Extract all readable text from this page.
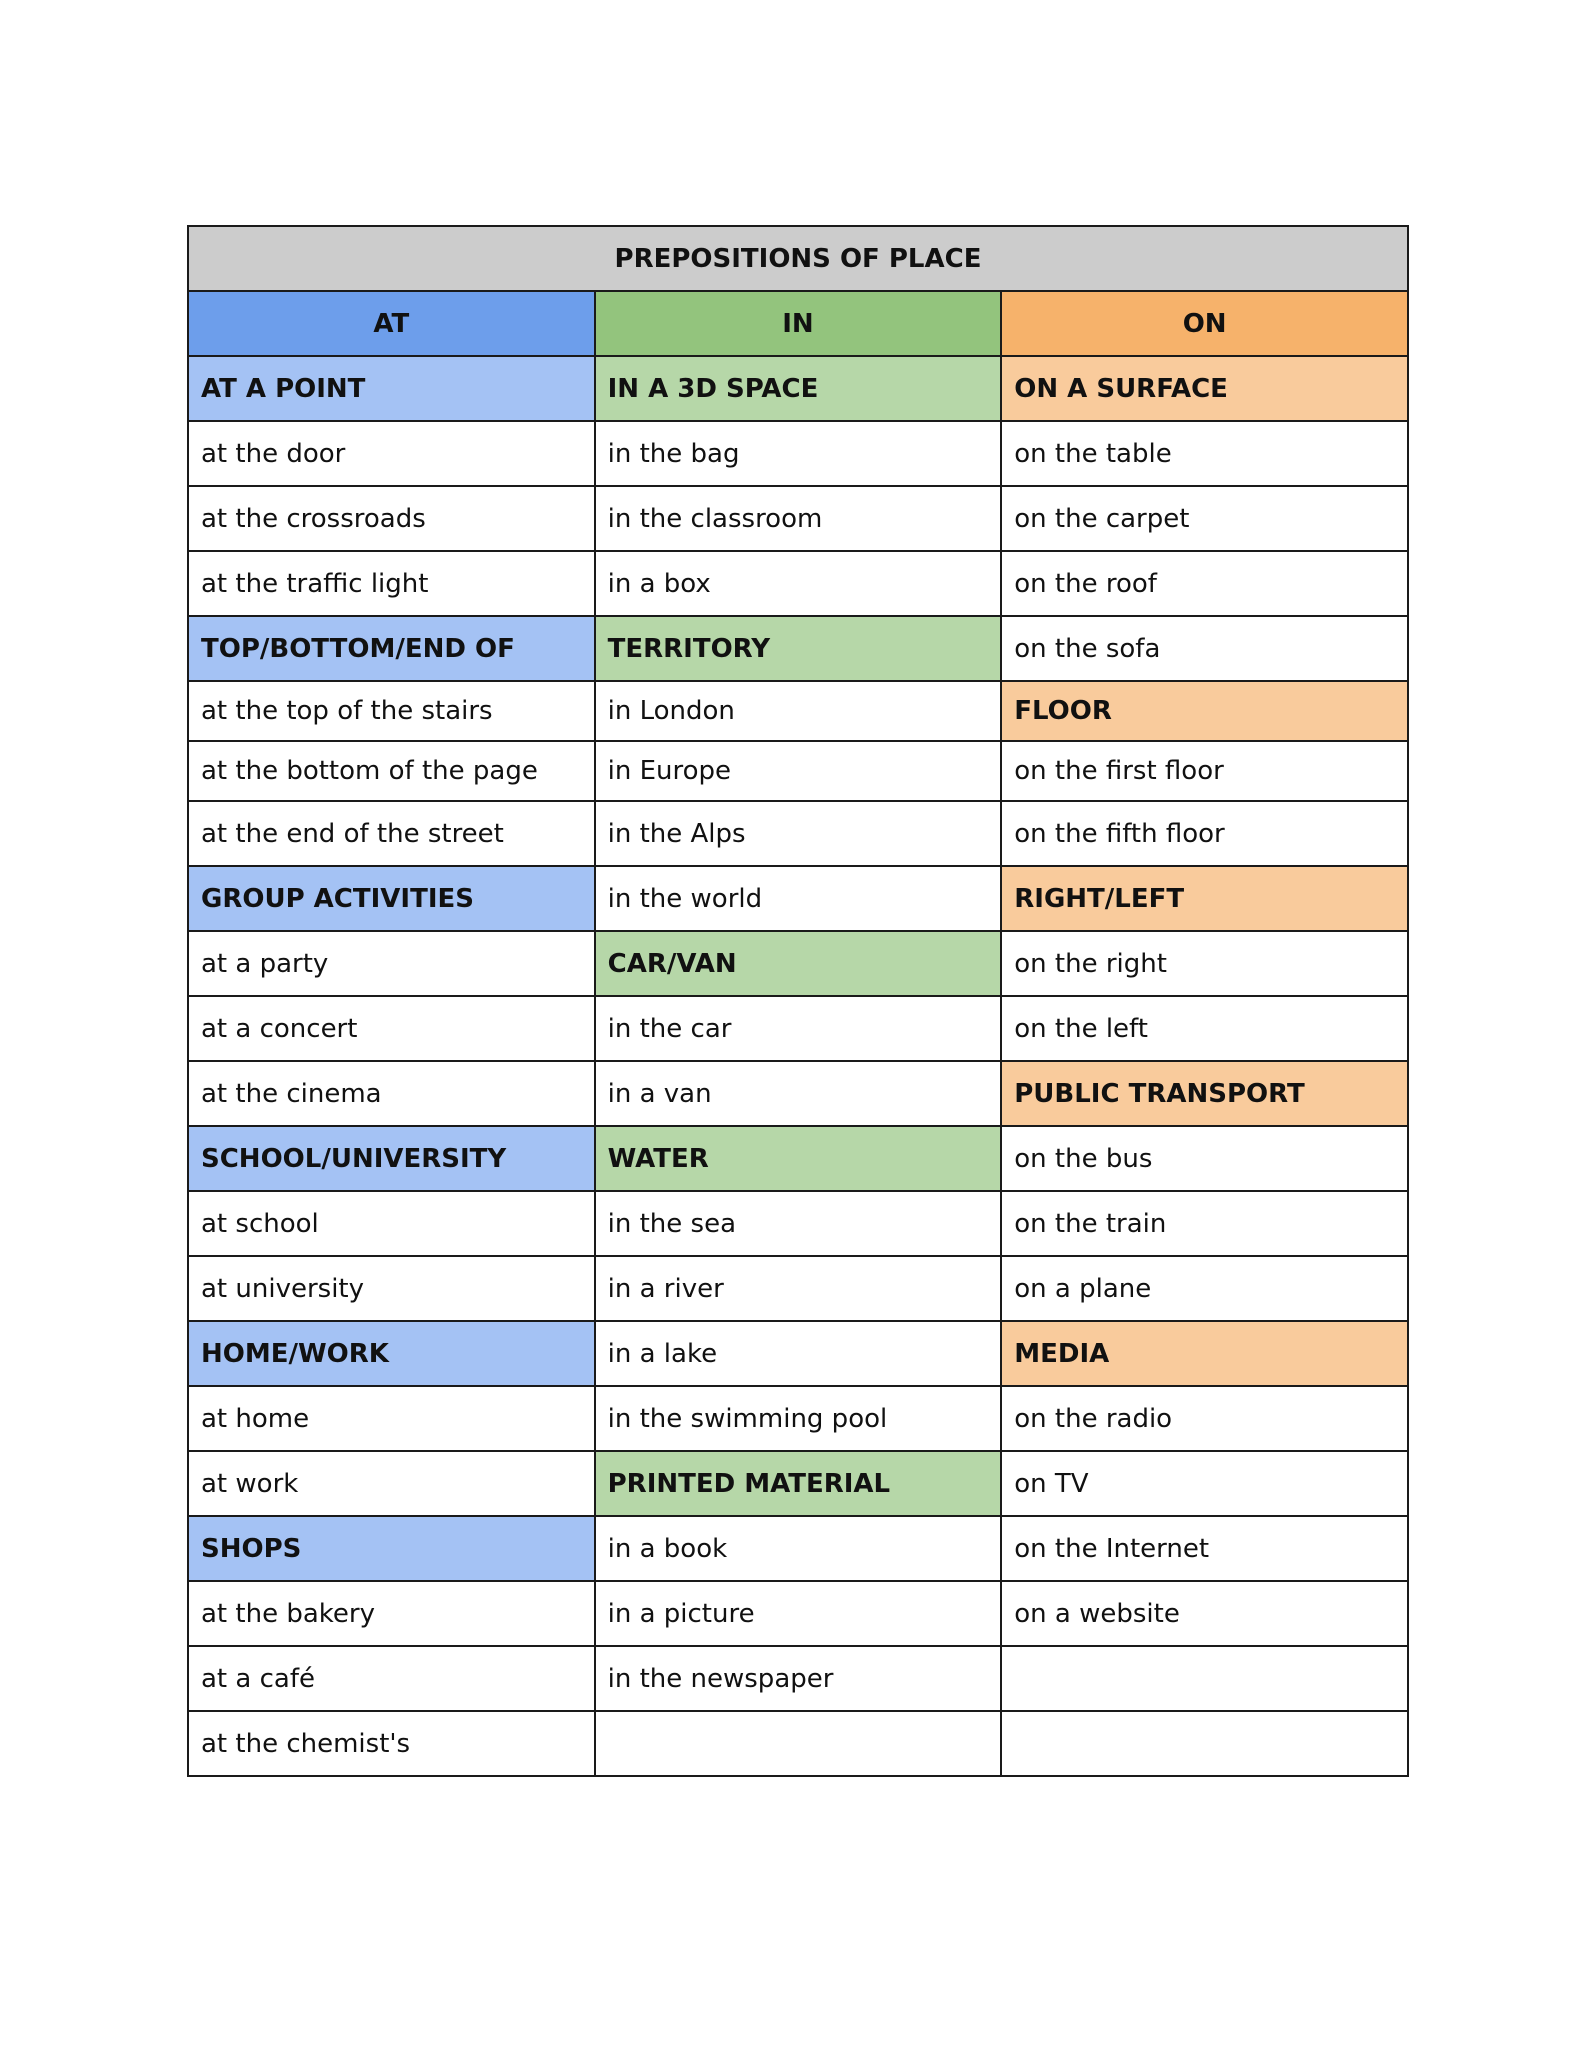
PREPOSITIONS OF PLACE		
AT	IN	ON
AT A POINT	IN A 3D SPACE	ON A SURFACE
at the door	in the bag	on the table
at the crossroads	in the classroom	on the carpet
at the traffic light	in a box	on the roof
TOP/BOTTOM/END OF	TERRITORY	on the sofa
at the top of the stairs	in London	FLOOR
at the bottom of the page	in Europe	on the first floor
at the end of the street	in the Alps	on the fifth floor
GROUP ACTIVITIES	in the world	RIGHT/LEFT
at a party	CAR/VAN	on the right
at a concert	in the car	on the left
at the cinema	in a van	PUBLIC TRANSPORT
SCHOOL/UNIVERSITY	WATER	on the bus
at school	in the sea	on the train
at university	in a river	on a plane
HOME/WORK	in a lake	MEDIA
at home	in the swimming pool	on the radio
at work	PRINTED MATERIAL	on TV
SHOPS	in a book	on the Internet
at the bakery	in a picture	on a website
at a café	in the newspaper	
at the chemist's		
